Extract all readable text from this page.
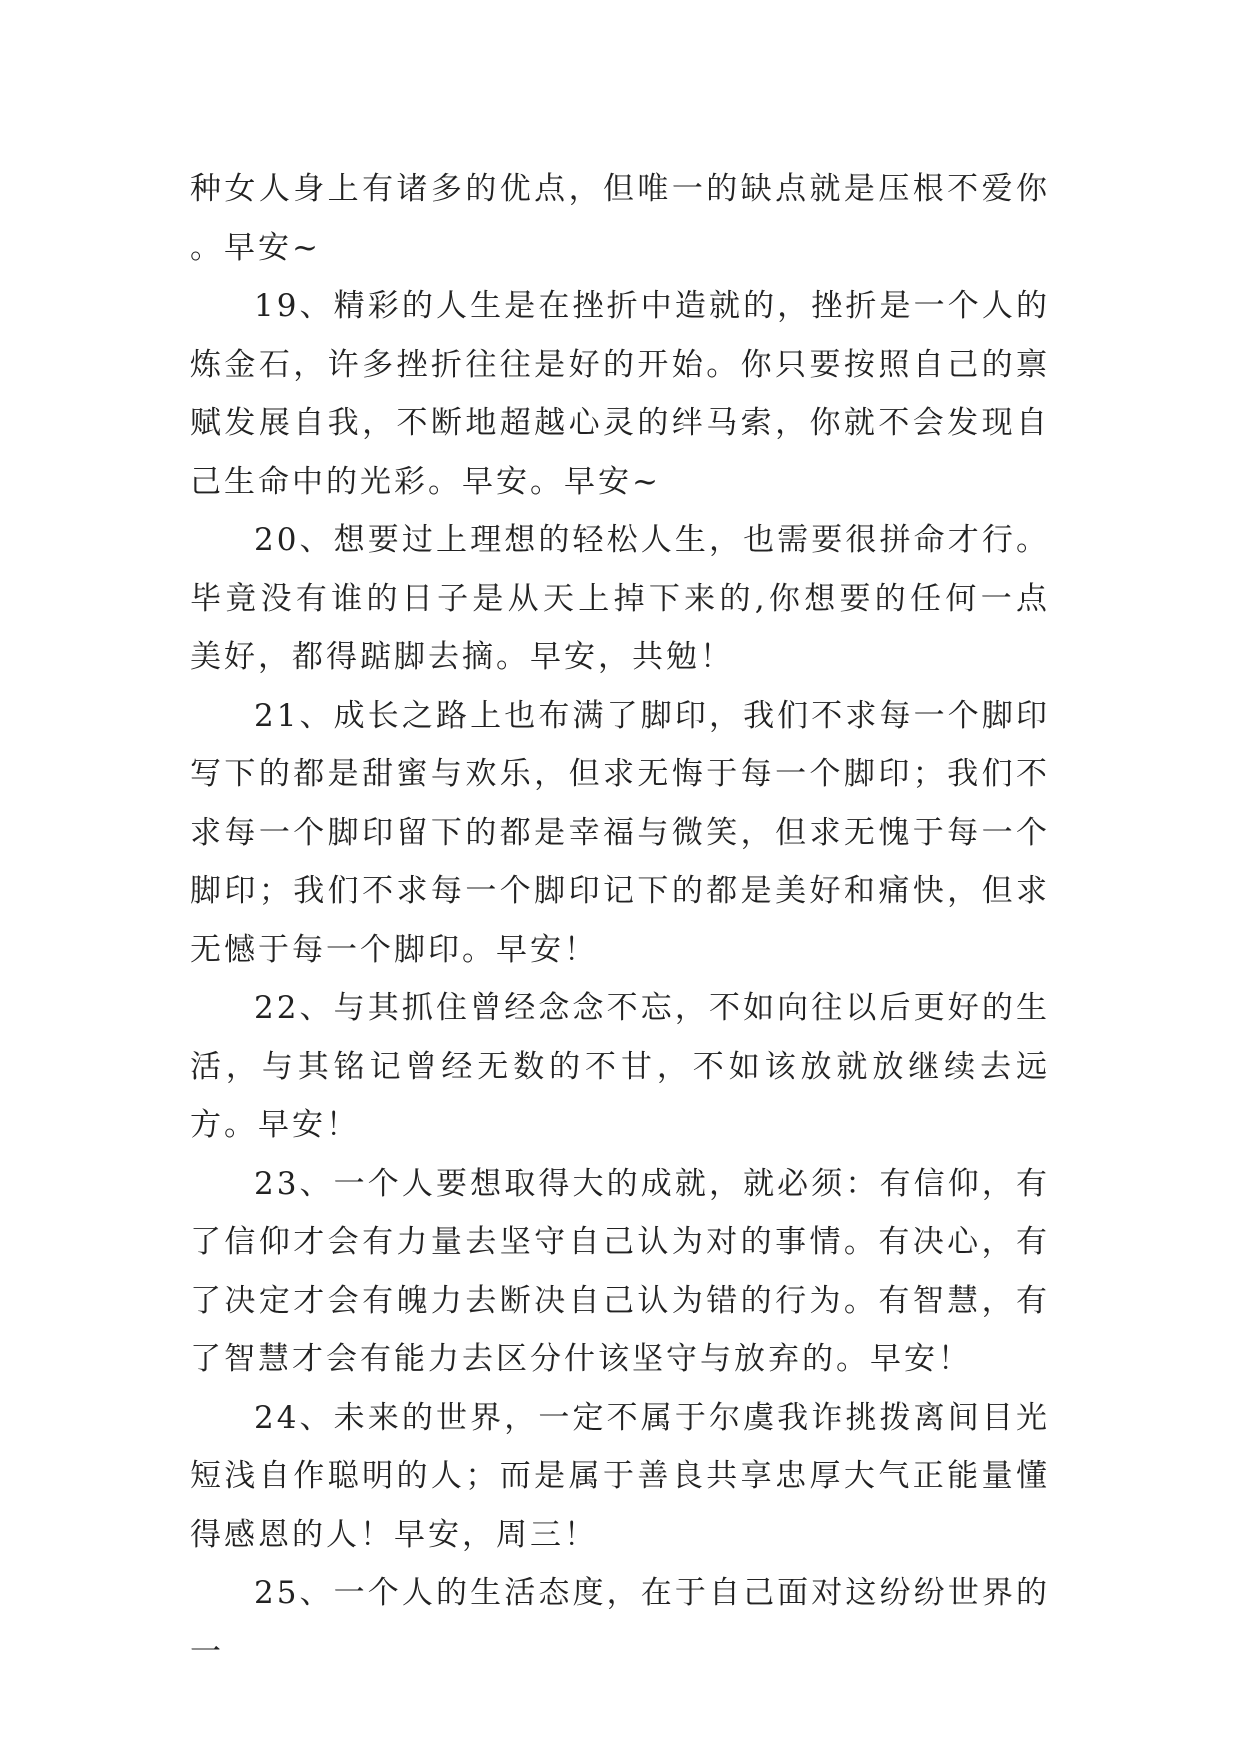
种女人身上有诸多的优点，但唯一的缺点就是压根不爱你 。早安~

19、精彩的人生是在挫折中造就的，挫折是一个人的炼金石，许多挫折往往是好的开始。你只要按照自己的禀赋发展自我，不断地超越心灵的绊马索，你就不会发现自己生命中的光彩。早安。早安~

20、想要过上理想的轻松人生，也需要很拼命才行。毕竟没有谁的日子是从天上掉下来的,你想要的任何一点美好，都得踮脚去摘。早安，共勉！

21、成长之路上也布满了脚印，我们不求每一个脚印写下的都是甜蜜与欢乐，但求无悔于每一个脚印；我们不求每一个脚印留下的都是幸福与微笑，但求无愧于每一个脚印；我们不求每一个脚印记下的都是美好和痛快，但求无憾于每一个脚印。早安！

22、与其抓住曾经念念不忘，不如向往以后更好的生活，与其铭记曾经无数的不甘，不如该放就放继续去远方。早安！

23、一个人要想取得大的成就，就必须：有信仰，有了信仰才会有力量去坚守自己认为对的事情。有决心，有了决定才会有魄力去断决自己认为错的行为。有智慧，有了智慧才会有能力去区分什该坚守与放弃的。早安！

24、未来的世界，一定不属于尔虞我诈挑拨离间目光短浅自作聪明的人；而是属于善良共享忠厚大气正能量懂得感恩的人！早安，周三！

25、一个人的生活态度，在于自己面对这纷纷世界的一
